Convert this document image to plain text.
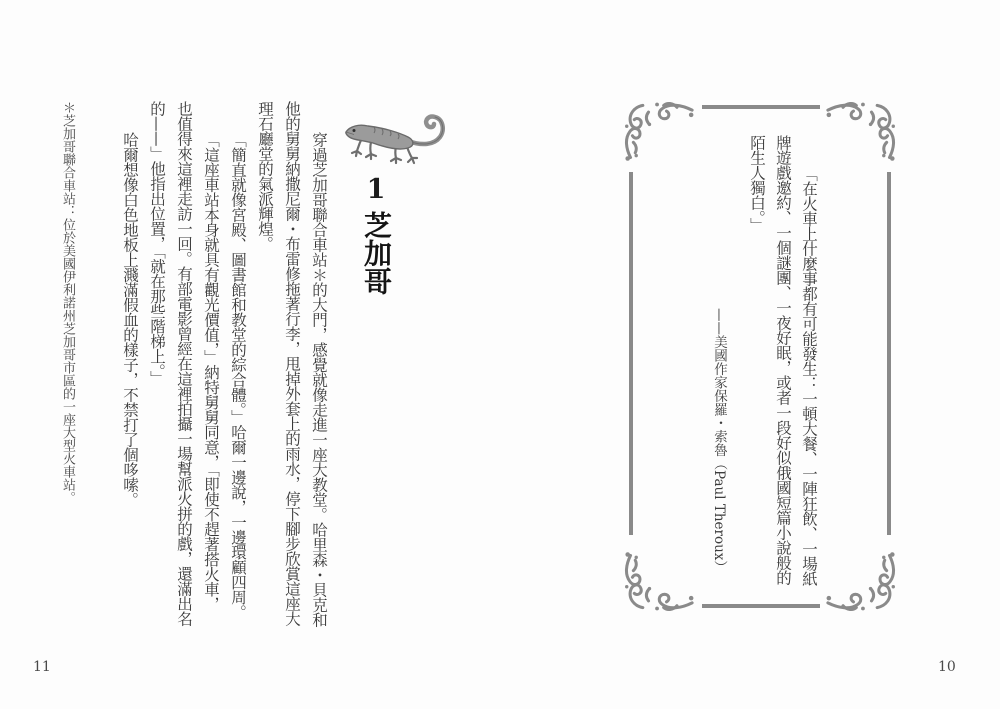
1
芝加哥
穿過芝加哥聯合車站＊的大門，感覺就像走進一座大教堂。哈里森・貝克和
他的舅舅納撒尼爾・布雷修拖著行李，甩掉外套上的雨水，停下腳步欣賞這座大
理石廳堂的氣派輝煌。
「簡直就像宮殿、圖書館和教堂的綜合體。」哈爾一邊說，一邊環顧四周。
「這座車站本身就具有觀光價值，」納特舅舅同意，「即使不趕著搭火車，
也值得來這裡走訪一回。有部電影曾經在這裡拍攝一場幫派火拼的戲，還滿出名
的——」他指出位置，「就在那些階梯上。」
哈爾想像白色地板上濺滿假血的樣子，不禁打了個哆嗦。
＊芝加哥聯合車站：位於美國伊利諾州芝加哥市區的一座大型火車站。
11
「在火車上什麼事都有可能發生：一頓大餐、一陣狂飲、一場紙
牌遊戲邀約、一個謎團、一夜好眠，或者一段好似俄國短篇小說般的
陌生人獨白。」
——美國作家保羅・索魯（Paul Theroux）
10
